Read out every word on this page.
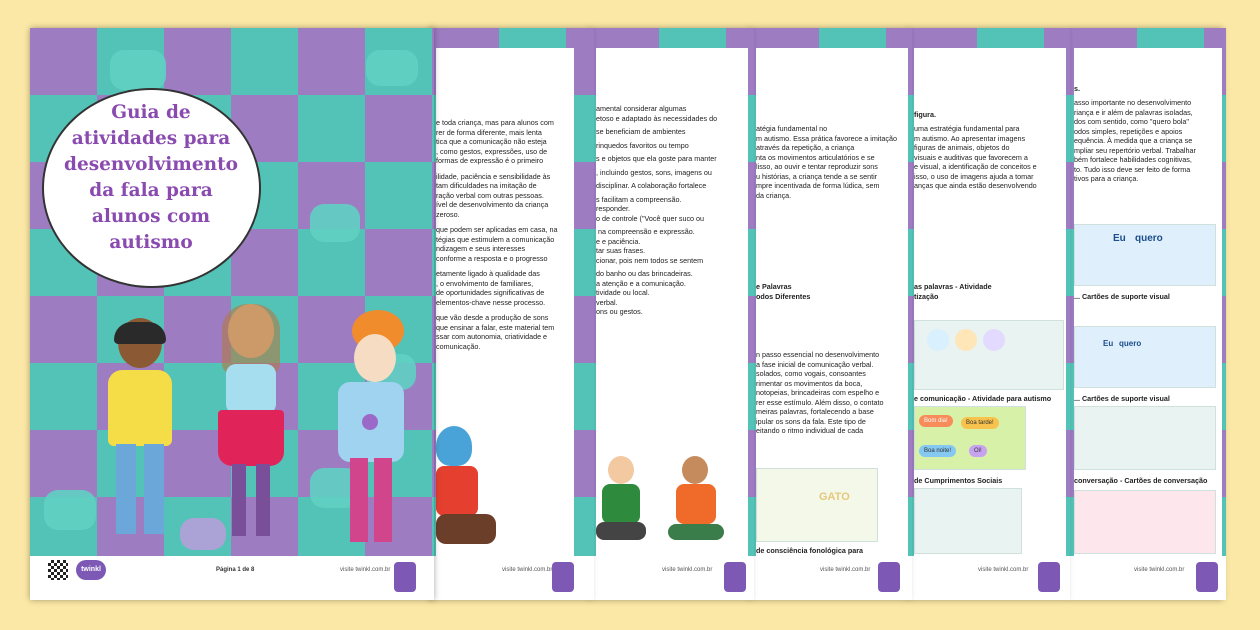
s.
asso importante no desenvolvimento
riança e ir além de palavras isoladas,
dos com sentido, como "quero bola"
odos simples, repetições e apoios
equência. À medida que a criança se
mpliar seu repertório verbal. Trabalhar
bém fortalece habilidades cognitivas,
to. Tudo isso deve ser feito de forma
tivos para a criança.
Eu quero
... Cartões de suporte visual
Eu quero
... Cartões de suporte visual
conversação - Cartões de conversação
visite twinkl.com.br
figura.
uma estratégia fundamental para
m autismo. Ao apresentar imagens
figuras de animais, objetos do
visuais e auditivas que favorecem a
e visual, a identificação de conceitos e
isso, o uso de imagens ajuda a tomar
anças que ainda estão desenvolvendo
as palavras - Atividade
tização
e comunicação - Atividade para autismo
Bom dia!	Boa tarde!
Boa noite!	Oi!
de Cumprimentos Sociais
visite twinkl.com.br
atégia fundamental no
m autismo. Essa prática favorece a imitação
através da repetição, a criança
nta os movimentos articulatórios e se
lisso, ao ouvir e tentar reproduzir sons
u histórias, a criança tende a se sentir
mpre incentivada de forma lúdica, sem
da criança.
e Palavras
odos Diferentes
n passo essencial no desenvolvimento
a fase inicial de comunicação verbal.
solados, como vogais, consoantes
rimentar os movimentos da boca,
notopeias, brincadeiras com espelho e
rer esse estímulo. Além disso, o contato
meiras palavras, fortalecendo a base
ipular os sons da fala. Este tipo de
eitando o ritmo individual de cada
GATO
de consciência fonológica para

visite twinkl.com.br
amental considerar algumas
etoso e adaptado às necessidades do
se beneficiam de ambientes
rinquedos favoritos ou tempo
s e objetos que ela goste para manter
, incluindo gestos, sons, imagens ou
disciplinar. A colaboração fortalece
s facilitam a compreensão.
responder.
o de controle ("Você quer suco ou
na compreensão e expressão.
e e paciência.
tar suas frases.
cionar, pois nem todos se sentem
do banho ou das brincadeiras.
a atenção e a comunicação.
tividade ou local.
verbal.
ons ou gestos.
visite twinkl.com.br

e toda criança, mas para alunos com
rer de forma diferente, mais lenta
tica que a comunicação não esteja
, como gestos, expressões, uso de
formas de expressão é o primeiro

ilidade, paciência e sensibilidade às
tam dificuldades na imitação de
ração verbal com outras pessoas.
ível de desenvolvimento da criança
zeroso.

que podem ser aplicadas em casa, na
tégias que estimulem a comunicação
ndizagem e seus interesses
conforme a resposta e o progresso

etamente ligado à qualidade das
, o envolvimento de familiares,
de oportunidades significativas de
elementos-chave nesse processo.

que vão desde a produção de sons
que ensinar a falar, este material tem
ssar com autonomia, criatividade e
comunicação.

visite twinkl.com.br
Guia de
atividades para
desenvolvimento
da fala para
alunos com
autismo
twinkl	Página 1 de 8	visite twinkl.com.br
